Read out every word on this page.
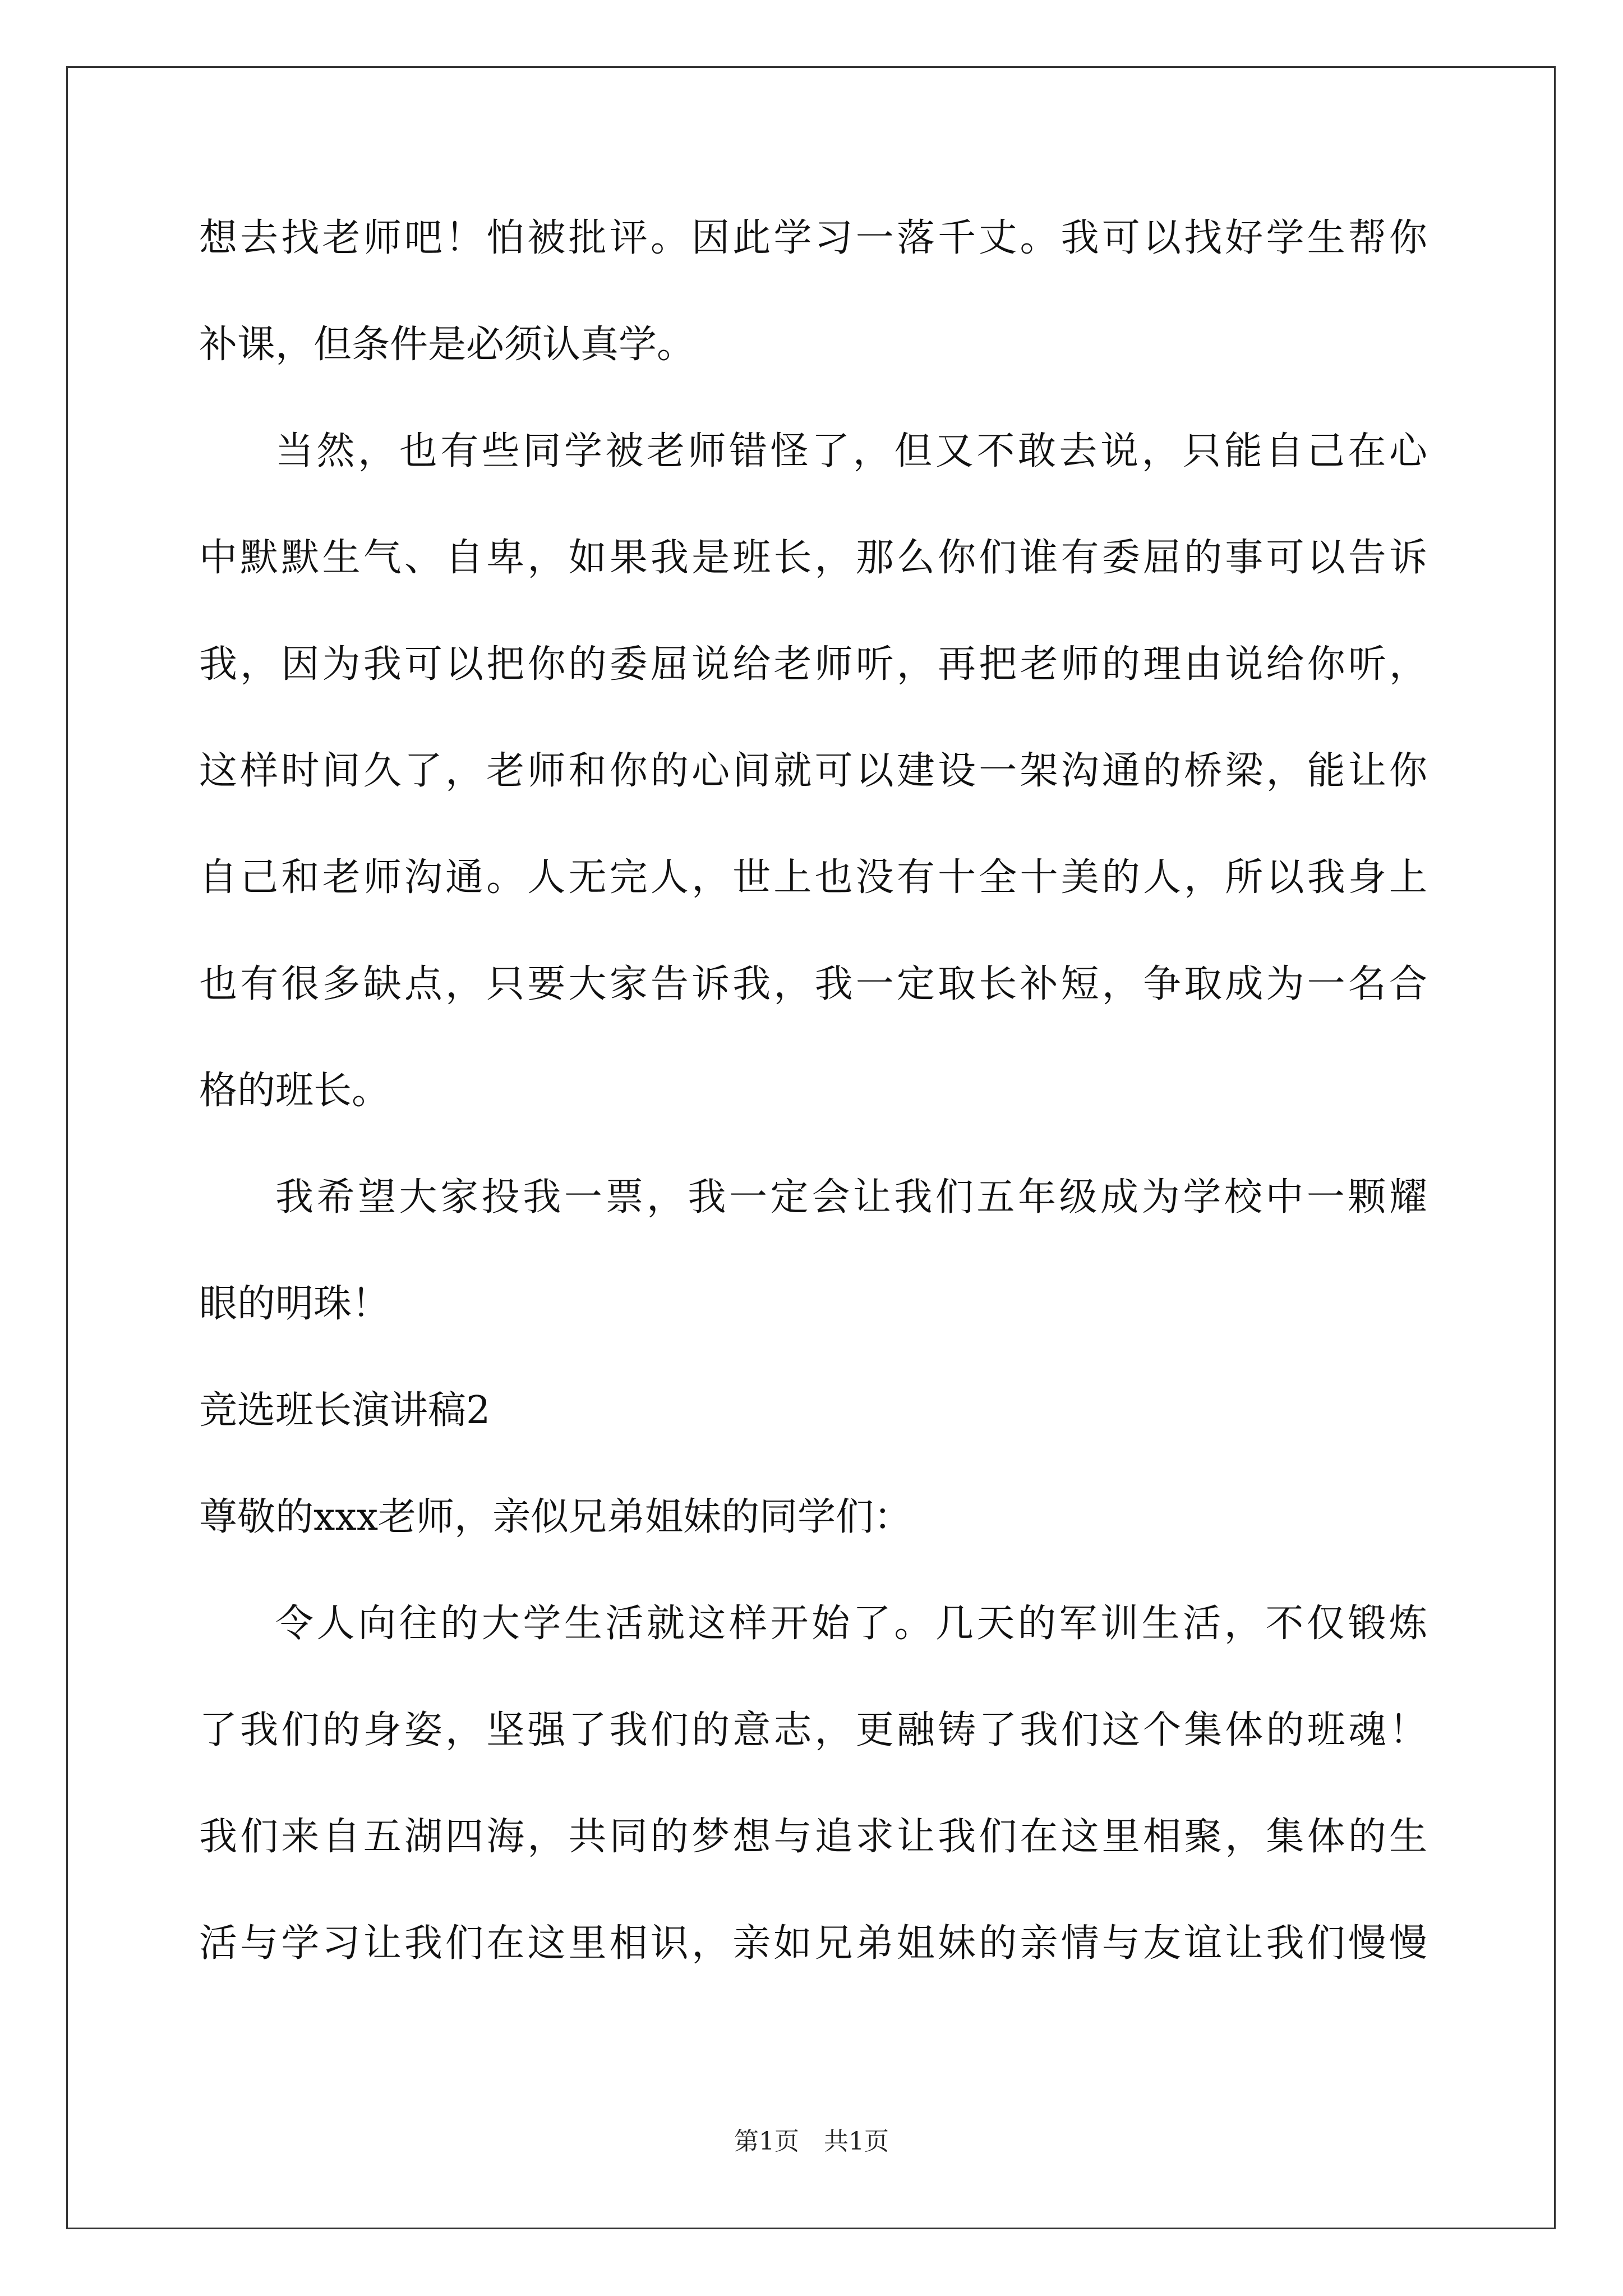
想去找老师吧！怕被批评。因此学习一落千丈。我可以找好学生帮你
补课，但条件是必须认真学。
当然，也有些同学被老师错怪了，但又不敢去说，只能自己在心
中默默生气、自卑，如果我是班长，那么你们谁有委屈的事可以告诉
我，因为我可以把你的委屈说给老师听，再把老师的理由说给你听，
这样时间久了，老师和你的心间就可以建设一架沟通的桥梁，能让你
自己和老师沟通。人无完人，世上也没有十全十美的人，所以我身上
也有很多缺点，只要大家告诉我，我一定取长补短，争取成为一名合
格的班长。
我希望大家投我一票，我一定会让我们五年级成为学校中一颗耀
眼的明珠！
竞选班长演讲稿2
尊敬的xxx老师，亲似兄弟姐妹的同学们：
令人向往的大学生活就这样开始了。几天的军训生活，不仅锻炼
了我们的身姿，坚强了我们的意志，更融铸了我们这个集体的班魂！
我们来自五湖四海，共同的梦想与追求让我们在这里相聚，集体的生
活与学习让我们在这里相识，亲如兄弟姐妹的亲情与友谊让我们慢慢
第1页　共1页
